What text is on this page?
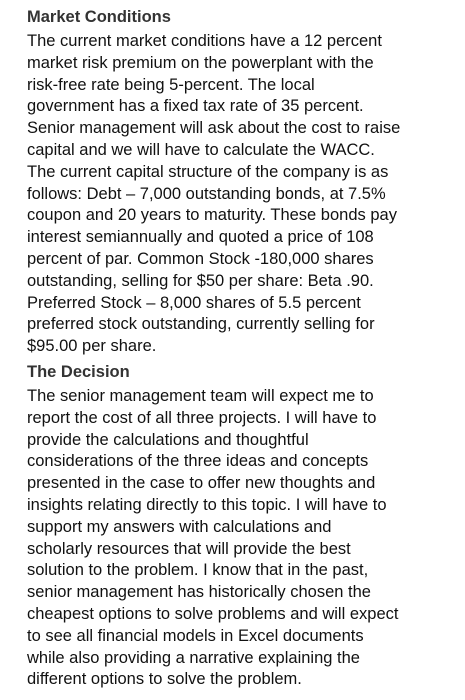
Market Conditions

The current market conditions have a 12 percent
market risk premium on the powerplant with the
risk-free rate being 5-percent. The local
government has a fixed tax rate of 35 percent.
Senior management will ask about the cost to raise
capital and we will have to calculate the WACC.
The current capital structure of the company is as
follows: Debt – 7,000 outstanding bonds, at 7.5%
coupon and 20 years to maturity. These bonds pay
interest semiannually and quoted a price of 108
percent of par. Common Stock -180,000 shares
outstanding, selling for $50 per share: Beta .90.
Preferred Stock – 8,000 shares of 5.5 percent
preferred stock outstanding, currently selling for
$95.00 per share.

The Decision

The senior management team will expect me to
report the cost of all three projects. I will have to
provide the calculations and thoughtful
considerations of the three ideas and concepts
presented in the case to offer new thoughts and
insights relating directly to this topic. I will have to
support my answers with calculations and
scholarly resources that will provide the best
solution to the problem. I know that in the past,
senior management has historically chosen the
cheapest options to solve problems and will expect
to see all financial models in Excel documents
while also providing a narrative explaining the
different options to solve the problem.
